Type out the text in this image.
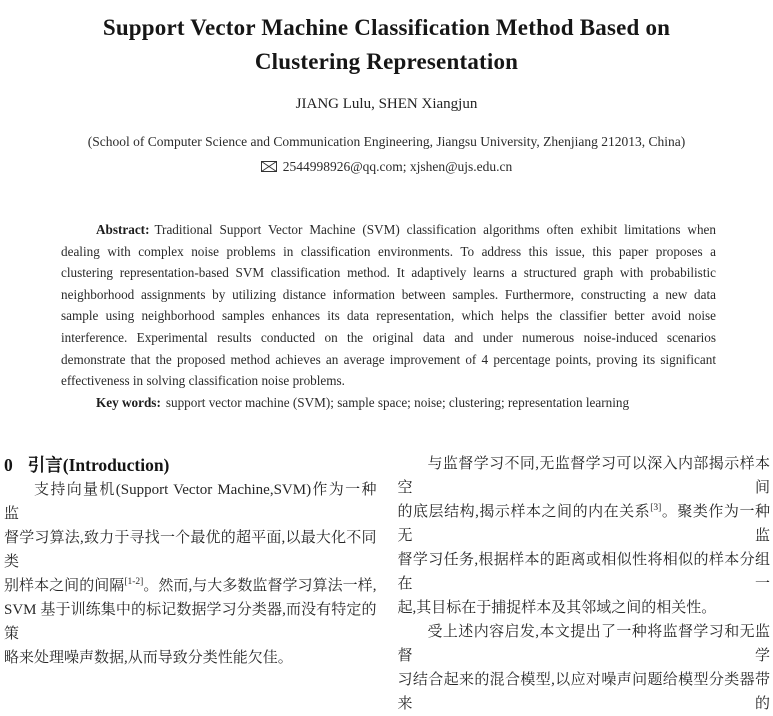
Support Vector Machine Classification Method Based on
Clustering Representation
JIANG Lulu, SHEN Xiangjun
(School of Computer Science and Communication Engineering, Jiangsu University, Zhenjiang 212013, China)
2544998926@qq.com; xjshen@ujs.edu.cn
Abstract: Traditional Support Vector Machine (SVM) classification algorithms often exhibit limitations when
dealing with complex noise problems in classification environments. To address this issue, this paper proposes a
clustering representation-based SVM classification method. It adaptively learns a structured graph with probabilistic
neighborhood assignments by utilizing distance information between samples. Furthermore, constructing a new data
sample using neighborhood samples enhances its data representation, which helps the classifier better avoid noise
interference. Experimental results conducted on the original data and under numerous noise-induced scenarios
demonstrate that the proposed method achieves an average improvement of 4 percentage points, proving its significant
effectiveness in solving classification noise problems.
Key words: support vector machine (SVM); sample space; noise; clustering; representation learning
0 引言(Introduction)
支持向量机(Support Vector Machine,SVM)作为一种监
督学习算法,致力于寻找一个最优的超平面,以最大化不同类
别样本之间的间隔[1-2]。然而,与大多数监督学习算法一样,
SVM 基于训练集中的标记数据学习分类器,而没有特定的策
略来处理噪声数据,从而导致分类性能欠佳。
与监督学习不同,无监督学习可以深入内部揭示样本空间
的底层结构,揭示样本之间的内在关系[3]。聚类作为一种无监
督学习任务,根据样本的距离或相似性将相似的样本分组在一
起,其目标在于捕捉样本及其邻域之间的相关性。
受上述内容启发,本文提出了一种将监督学习和无监督学
习结合起来的混合模型,以应对噪声问题给模型分类器带来的
